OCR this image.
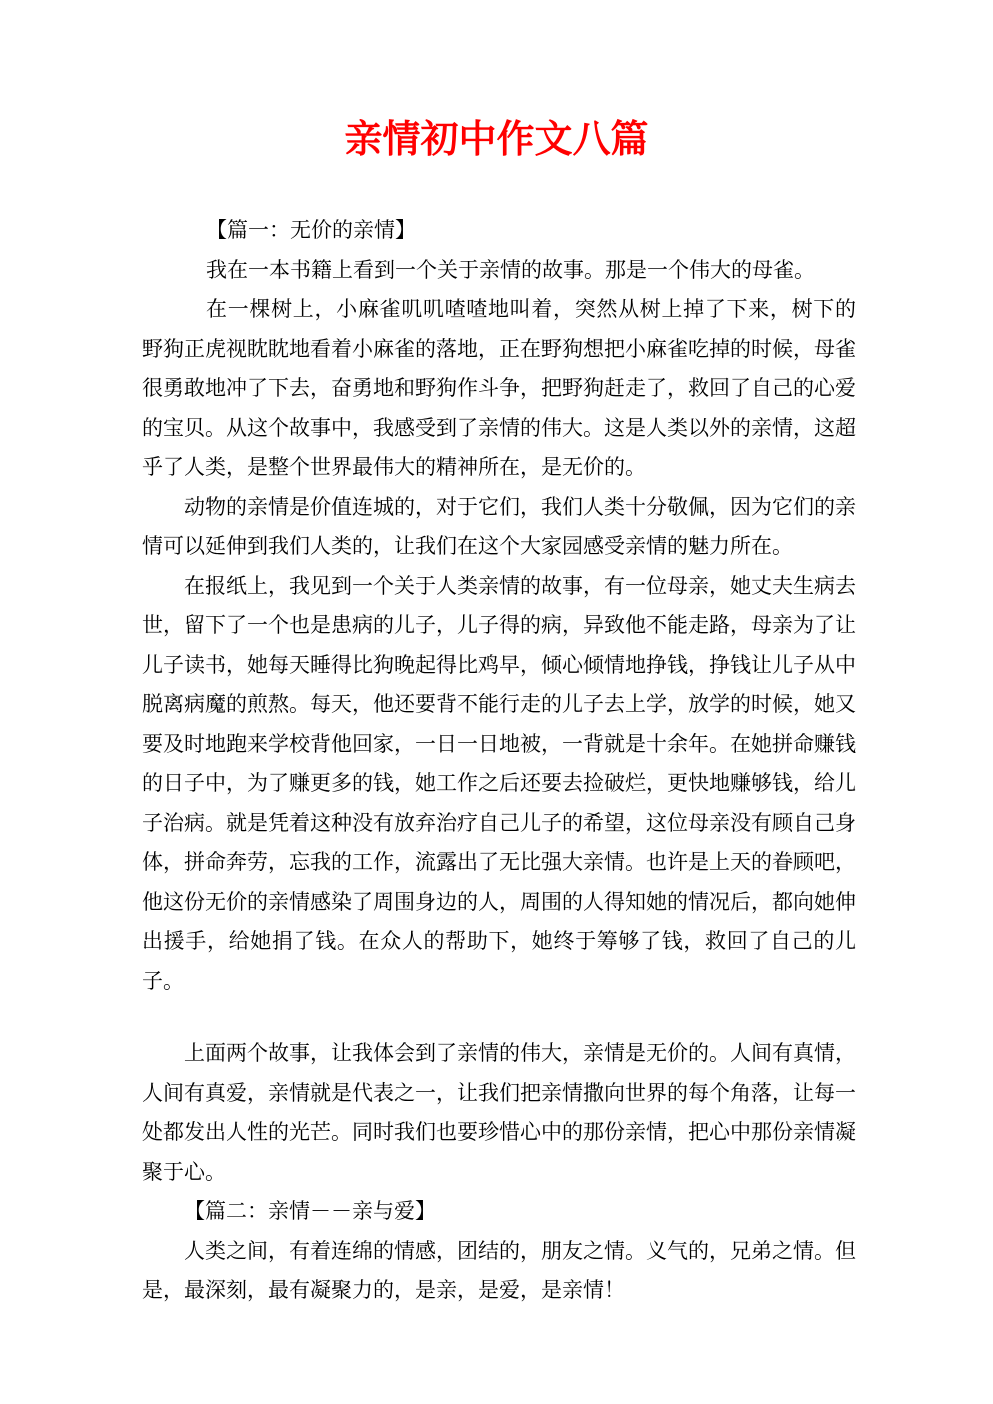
亲情初中作文八篇

【篇一：无价的亲情】

我在一本书籍上看到一个关于亲情的故事。那是一个伟大的母雀。

在一棵树上，小麻雀叽叽喳喳地叫着，突然从树上掉了下来，树下的野狗正虎视眈眈地看着小麻雀的落地，正在野狗想把小麻雀吃掉的时候，母雀很勇敢地冲了下去，奋勇地和野狗作斗争，把野狗赶走了，救回了自己的心爱的宝贝。从这个故事中，我感受到了亲情的伟大。这是人类以外的亲情，这超乎了人类，是整个世界最伟大的精神所在，是无价的。

动物的亲情是价值连城的，对于它们，我们人类十分敬佩，因为它们的亲情可以延伸到我们人类的，让我们在这个大家园感受亲情的魅力所在。

在报纸上，我见到一个关于人类亲情的故事，有一位母亲，她丈夫生病去世，留下了一个也是患病的儿子，儿子得的病，异致他不能走路，母亲为了让儿子读书，她每天睡得比狗晚起得比鸡早，倾心倾情地挣钱，挣钱让儿子从中脱离病魔的煎熬。每天，他还要背不能行走的儿子去上学，放学的时候，她又要及时地跑来学校背他回家，一日一日地被，一背就是十余年。在她拼命赚钱的日子中，为了赚更多的钱，她工作之后还要去捡破烂，更快地赚够钱，给儿子治病。就是凭着这种没有放弃治疗自己儿子的希望，这位母亲没有顾自己身体，拼命奔劳，忘我的工作，流露出了无比强大亲情。也许是上天的眷顾吧，他这份无价的亲情感染了周围身边的人，周围的人得知她的情况后，都向她伸出援手，给她捐了钱。在众人的帮助下，她终于筹够了钱，救回了自己的儿子。

上面两个故事，让我体会到了亲情的伟大，亲情是无价的。人间有真情，人间有真爱，亲情就是代表之一，让我们把亲情撒向世界的每个角落，让每一处都发出人性的光芒。同时我们也要珍惜心中的那份亲情，把心中那份亲情凝聚于心。

【篇二：亲情－－亲与爱】

人类之间，有着连绵的情感，团结的，朋友之情。义气的，兄弟之情。但是，最深刻，最有凝聚力的，是亲，是爱，是亲情！
